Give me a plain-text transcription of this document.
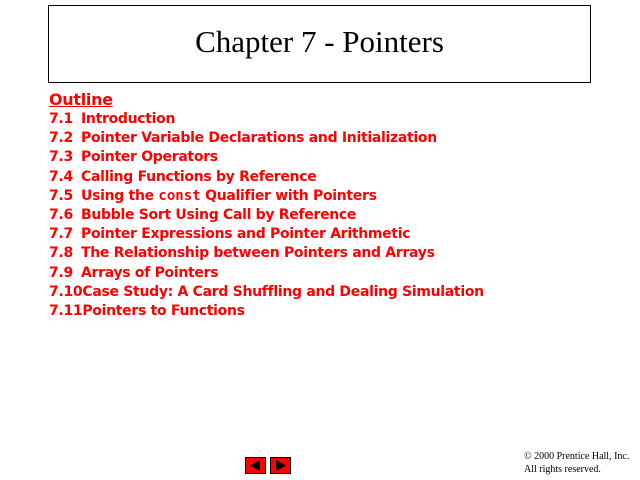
Chapter 7 - Pointers
Outline
7.1 Introduction
7.2 Pointer Variable Declarations and Initialization
7.3 Pointer Operators
7.4 Calling Functions by Reference
7.5 Using the const Qualifier with Pointers
7.6 Bubble Sort Using Call by Reference
7.7 Pointer Expressions and Pointer Arithmetic
7.8 The Relationship between Pointers and Arrays
7.9 Arrays of Pointers
7.10 Case Study: A Card Shuffling and Dealing Simulation
7.11 Pointers to Functions
© 2000 Prentice Hall, Inc.
All rights reserved.
